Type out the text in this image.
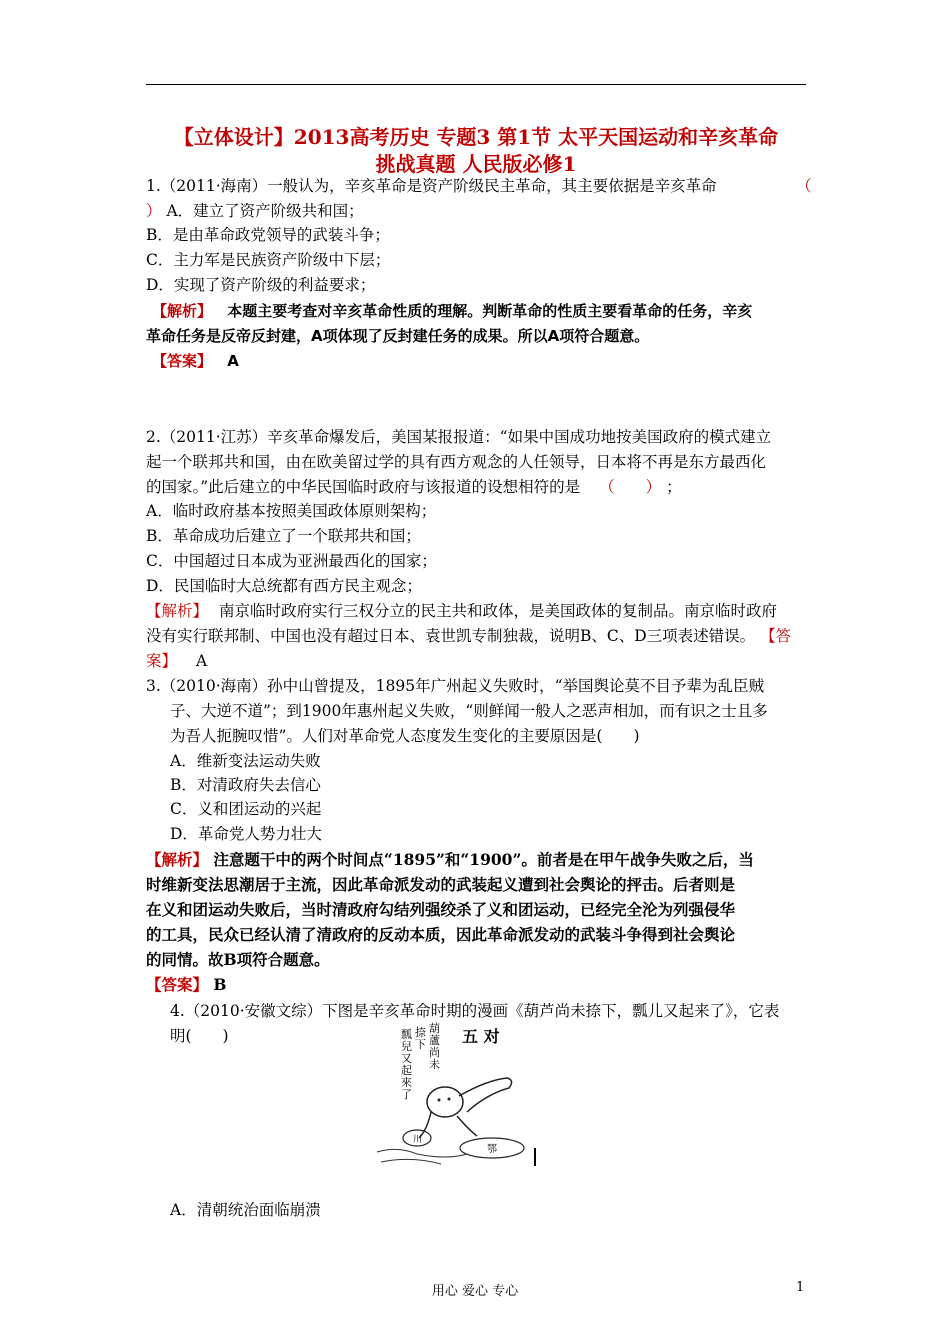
【立体设计】2013高考历史 专题3 第1节 太平天国运动和辛亥革命
挑战真题 人民版必修1
1.（2011·海南）一般认为，辛亥革命是资产阶级民主革命，其主要依据是辛亥革命	（
） A．建立了资产阶级共和国；
B．是由革命政党领导的武装斗争；
C．主力军是民族资产阶级中下层；
D．实现了资产阶级的利益要求；
【解析】 本题主要考查对辛亥革命性质的理解。判断革命的性质主要看革命的任务，辛亥
革命任务是反帝反封建，A项体现了反封建任务的成果。所以A项符合题意。
【答案】 A
2.（2011·江苏）辛亥革命爆发后，美国某报报道：“如果中国成功地按美国政府的模式建立
起一个联邦共和国，由在欧美留过学的具有西方观念的人任领导，日本将不再是东方最西化
的国家。”此后建立的中华民国临时政府与该报道的设想相符的是 （　　） ；
A．临时政府基本按照美国政体原则架构；
B．革命成功后建立了一个联邦共和国；
C．中国超过日本成为亚洲最西化的国家；
D．民国临时大总统都有西方民主观念；
【解析】 南京临时政府实行三权分立的民主共和政体，是美国政体的复制品。南京临时政府
没有实行联邦制、中国也没有超过日本、袁世凯专制独裁，说明B、C、D三项表述错误。 【答
案】 A
3.（2010·海南）孙中山曾提及，1895年广州起义失败时，“举国舆论莫不目予辈为乱臣贼
子、大逆不道”；到1900年惠州起义失败，“则鲜闻一般人之恶声相加，而有识之士且多
为吾人扼腕叹惜”。人们对革命党人态度发生变化的主要原因是(　　)
A．维新变法运动失败
B．对清政府失去信心
C．义和团运动的兴起
D．革命党人势力壮大
【解析】 注意题干中的两个时间点“1895”和“1900”。前者是在甲午战争失败之后，当
时维新变法思潮居于主流，因此革命派发动的武装起义遭到社会舆论的抨击。后者则是
在义和团运动失败后，当时清政府勾结列强绞杀了义和团运动，已经完全沦为列强侵华
的工具，民众已经认清了清政府的反动本质，因此革命派发动的武装斗争得到社会舆论
的同情。故B项符合题意。
【答案】 B
4.（2010·安徽文综）下图是辛亥革命时期的漫画《葫芦尚未捺下，瓢儿又起来了》，它表
明(　　)	葫
蘆
尚
未
捺
下
瓢
兒
又
起
來
了
五 对
川
鄂
A．清朝统治面临崩溃
用心 爱心 专心	1
